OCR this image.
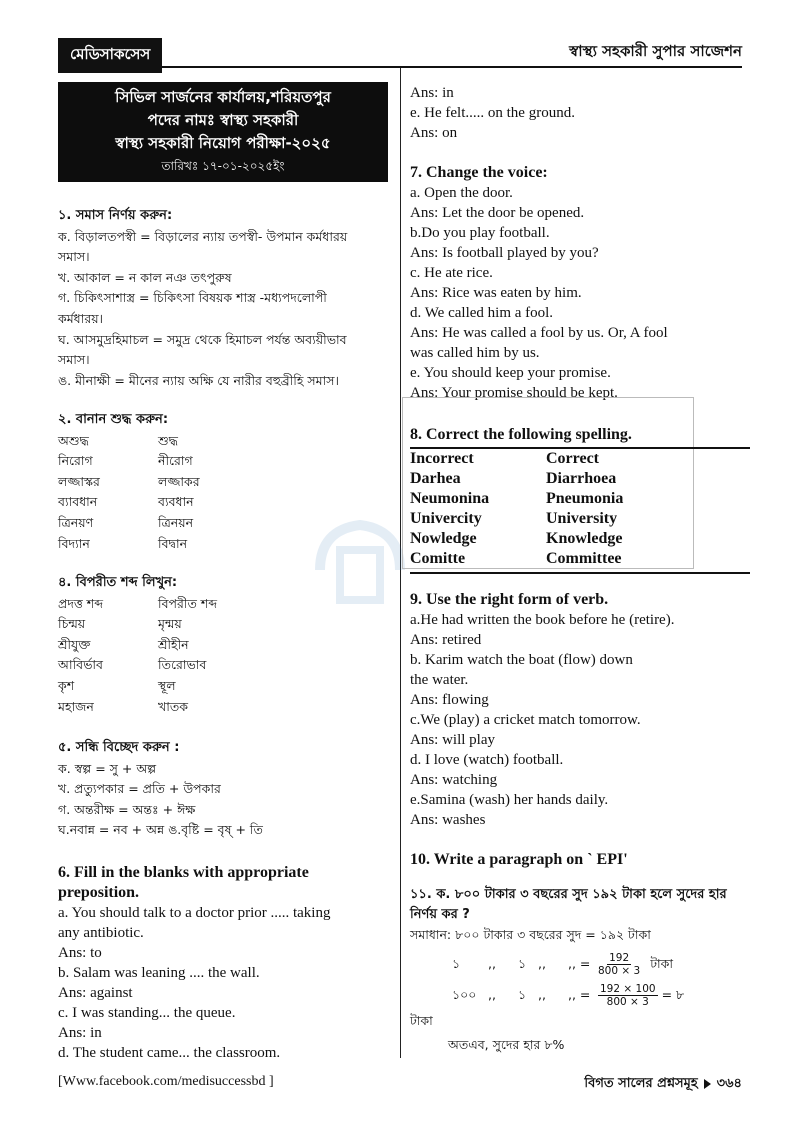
মেডিসাকসেস	স্বাস্থ্য সহকারী সুপার সাজেশন
সিভিল সার্জনের কার্যালয়,শরিয়তপুর
পদের নামঃ স্বাস্থ্য সহকারী
স্বাস্থ্য সহকারী নিয়োগ পরীক্ষা-২০২৫
তারিখঃ ১৭-০১-২০২৫ইং
১. সমাস নির্ণয় করুন:
ক. বিড়ালতপস্বী = বিড়ালের ন্যায় তপস্বী- উপমান কর্মধারয়
সমাস।
খ. আকাল = ন কাল নঞ তৎপুরুষ
গ. চিকিৎসাশাস্ত্র = চিকিৎসা বিষয়ক শাস্ত্র -মধ্যপদলোপী
কর্মধারয়।
ঘ. আসমুদ্রহিমাচল = সমুদ্র থেকে হিমাচল পর্যন্ত অব্যয়ীভাব
সমাস।
ঙ. মীনাক্ষী = মীনের ন্যায় অক্ষি যে নারীর বহুব্রীহি সমাস।
২. বানান শুদ্ধ করুন:
অশুদ্ধ	শুদ্ধ
নিরোগ	নীরোগ
লজ্জাস্কর	লজ্জাকর
ব্যাবধান	ব্যবধান
ত্রিনয়ণ	ত্রিনয়ন
বিদ্যান	বিদ্বান
৪. বিপরীত শব্দ লিখুন:
প্রদত্ত শব্দ	বিপরীত শব্দ
চিন্ময়	মৃন্ময়
শ্রীযুক্ত	শ্রীহীন
আবির্ভাব	তিরোভাব
কৃশ	স্থূল
মহাজন	খাতক
৫. সন্ধি বিচ্ছেদ করুন :
ক. স্বল্প = সু + অল্প
খ. প্রত্যুপকার = প্রতি + উপকার
গ. অন্তরীক্ষ = অন্তঃ + ঈক্ষ
ঘ.নবান্ন = নব + অন্ন ঙ.বৃষ্টি = বৃষ্ + তি
6. Fill in the blanks with appropriate
preposition.
a. You should talk to a doctor prior ..... taking
any antibiotic.
Ans: to
b. Salam was leaning .... the wall.
Ans: against
c. I was standing... the queue.
Ans: in
d. The student came... the classroom.
Ans: in
e. He felt..... on the ground.
Ans: on
7. Change the voice:
a. Open the door.
Ans: Let the door be opened.
b.Do you play football.
Ans: Is football played by you?
c. He ate rice.
Ans: Rice was eaten by him.
d. We called him a fool.
Ans: He was called a fool by us. Or, A fool
was called him by us.
e. You should keep your promise.
Ans: Your promise should be kept.
8. Correct the following spelling.
Incorrect	Correct
Darhea	Diarrhoea
Neumonina	Pneumonia
Univercity	University
Nowledge	Knowledge
Comitte	Committee
9. Use the right form of verb.
a.He had written the book before he (retire).
Ans: retired
b. Karim watch the boat (flow) down
the water.
Ans: flowing
c.We (play) a cricket match tomorrow.
Ans: will play
d. I love (watch) football.
Ans: watching
e.Samina (wash) her hands daily.
Ans: washes
10. Write a paragraph on ` EPI'
১১. ক. ৮০০ টাকার ৩ বছরের সুদ ১৯২ টাকা হলে সুদের হার
নির্ণয় কর ?
সমাধান: ৮০০ টাকার ৩ বছরের সুদ = ১৯২ টাকা
১	,,	১ ,,	,, = $\frac{192}{800 \times 3}$ টাকা
১০০ ,,	১ ,,	,, = $\frac{192 \times 100}{800 \times 3}$ = ৮
টাকা
অতএব, সুদের হার ৮%
[Www.facebook.com/medisuccessbd ]	বিগত সালের প্রশ্নসমূহ ৩৬৪
